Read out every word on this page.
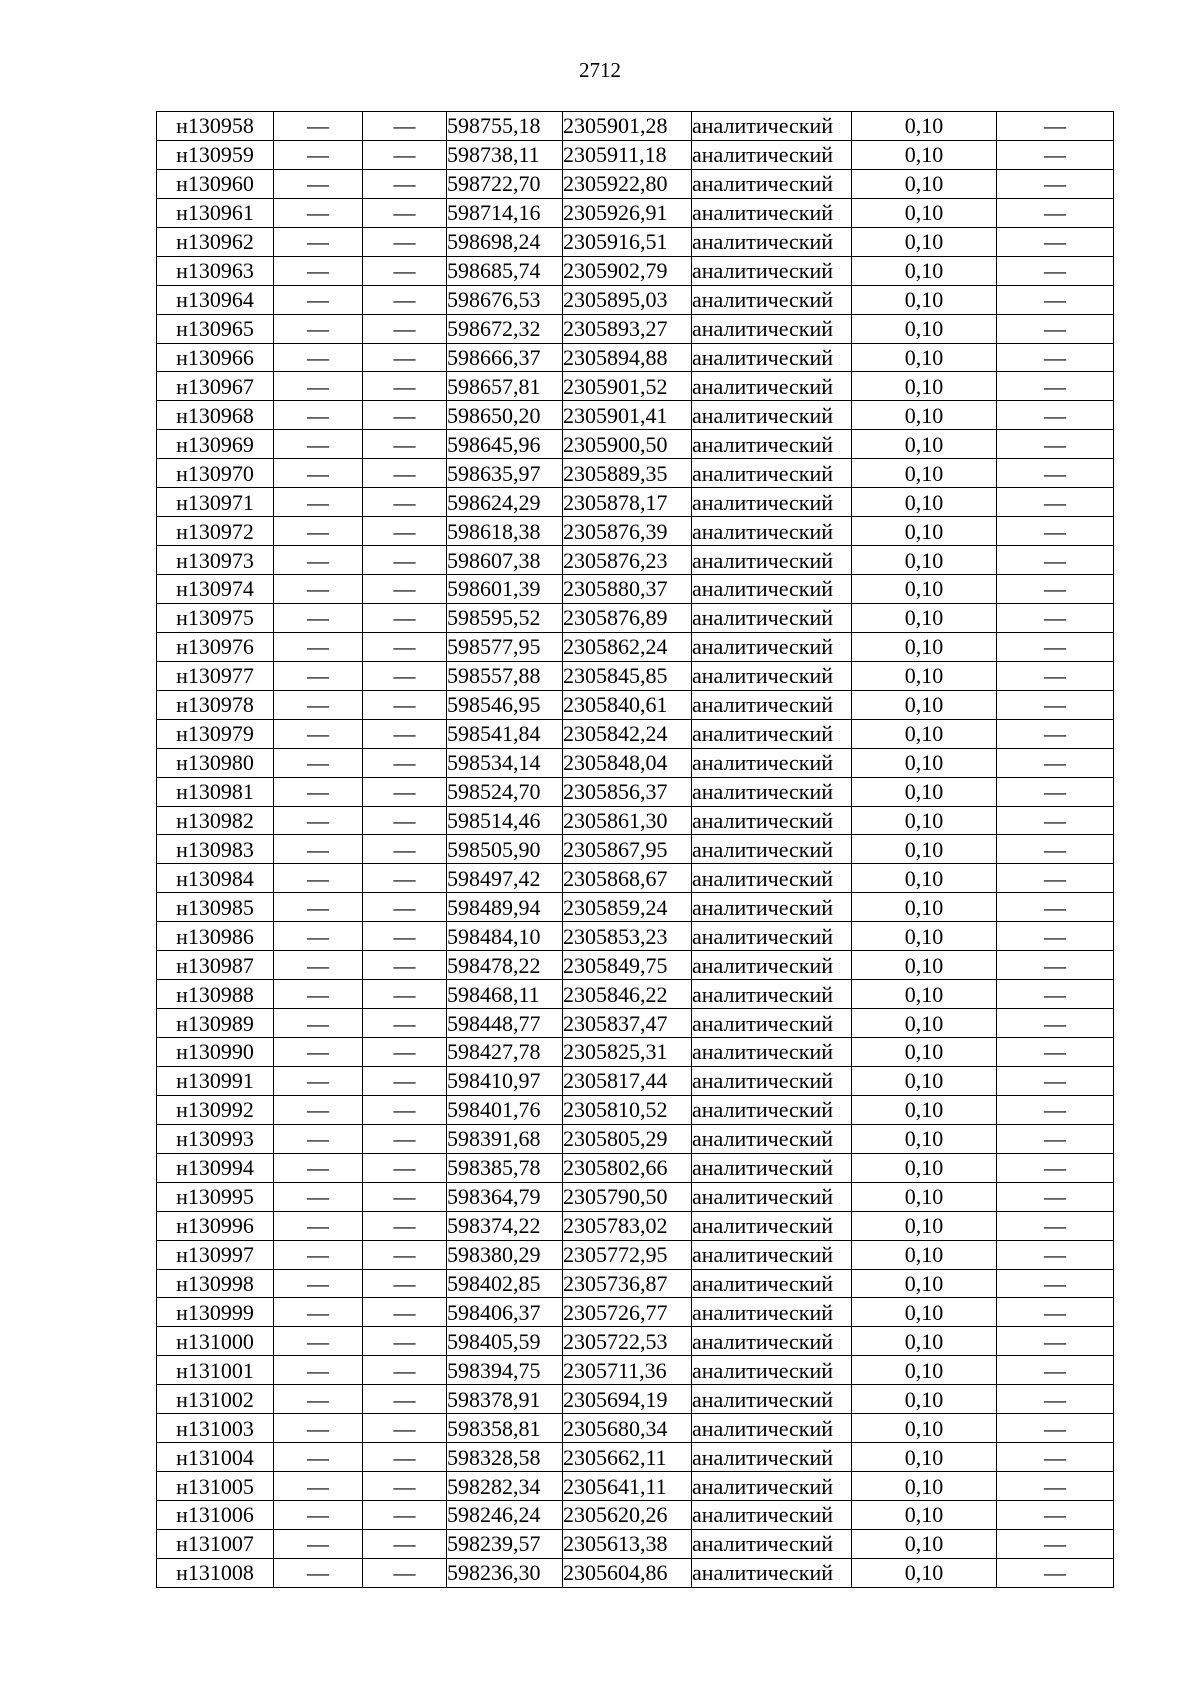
2712
н130958	—	—	598755,18	2305901,28	аналитический	0,10	—
н130959	—	—	598738,11	2305911,18	аналитический	0,10	—
н130960	—	—	598722,70	2305922,80	аналитический	0,10	—
н130961	—	—	598714,16	2305926,91	аналитический	0,10	—
н130962	—	—	598698,24	2305916,51	аналитический	0,10	—
н130963	—	—	598685,74	2305902,79	аналитический	0,10	—
н130964	—	—	598676,53	2305895,03	аналитический	0,10	—
н130965	—	—	598672,32	2305893,27	аналитический	0,10	—
н130966	—	—	598666,37	2305894,88	аналитический	0,10	—
н130967	—	—	598657,81	2305901,52	аналитический	0,10	—
н130968	—	—	598650,20	2305901,41	аналитический	0,10	—
н130969	—	—	598645,96	2305900,50	аналитический	0,10	—
н130970	—	—	598635,97	2305889,35	аналитический	0,10	—
н130971	—	—	598624,29	2305878,17	аналитический	0,10	—
н130972	—	—	598618,38	2305876,39	аналитический	0,10	—
н130973	—	—	598607,38	2305876,23	аналитический	0,10	—
н130974	—	—	598601,39	2305880,37	аналитический	0,10	—
н130975	—	—	598595,52	2305876,89	аналитический	0,10	—
н130976	—	—	598577,95	2305862,24	аналитический	0,10	—
н130977	—	—	598557,88	2305845,85	аналитический	0,10	—
н130978	—	—	598546,95	2305840,61	аналитический	0,10	—
н130979	—	—	598541,84	2305842,24	аналитический	0,10	—
н130980	—	—	598534,14	2305848,04	аналитический	0,10	—
н130981	—	—	598524,70	2305856,37	аналитический	0,10	—
н130982	—	—	598514,46	2305861,30	аналитический	0,10	—
н130983	—	—	598505,90	2305867,95	аналитический	0,10	—
н130984	—	—	598497,42	2305868,67	аналитический	0,10	—
н130985	—	—	598489,94	2305859,24	аналитический	0,10	—
н130986	—	—	598484,10	2305853,23	аналитический	0,10	—
н130987	—	—	598478,22	2305849,75	аналитический	0,10	—
н130988	—	—	598468,11	2305846,22	аналитический	0,10	—
н130989	—	—	598448,77	2305837,47	аналитический	0,10	—
н130990	—	—	598427,78	2305825,31	аналитический	0,10	—
н130991	—	—	598410,97	2305817,44	аналитический	0,10	—
н130992	—	—	598401,76	2305810,52	аналитический	0,10	—
н130993	—	—	598391,68	2305805,29	аналитический	0,10	—
н130994	—	—	598385,78	2305802,66	аналитический	0,10	—
н130995	—	—	598364,79	2305790,50	аналитический	0,10	—
н130996	—	—	598374,22	2305783,02	аналитический	0,10	—
н130997	—	—	598380,29	2305772,95	аналитический	0,10	—
н130998	—	—	598402,85	2305736,87	аналитический	0,10	—
н130999	—	—	598406,37	2305726,77	аналитический	0,10	—
н131000	—	—	598405,59	2305722,53	аналитический	0,10	—
н131001	—	—	598394,75	2305711,36	аналитический	0,10	—
н131002	—	—	598378,91	2305694,19	аналитический	0,10	—
н131003	—	—	598358,81	2305680,34	аналитический	0,10	—
н131004	—	—	598328,58	2305662,11	аналитический	0,10	—
н131005	—	—	598282,34	2305641,11	аналитический	0,10	—
н131006	—	—	598246,24	2305620,26	аналитический	0,10	—
н131007	—	—	598239,57	2305613,38	аналитический	0,10	—
н131008	—	—	598236,30	2305604,86	аналитический	0,10	—
